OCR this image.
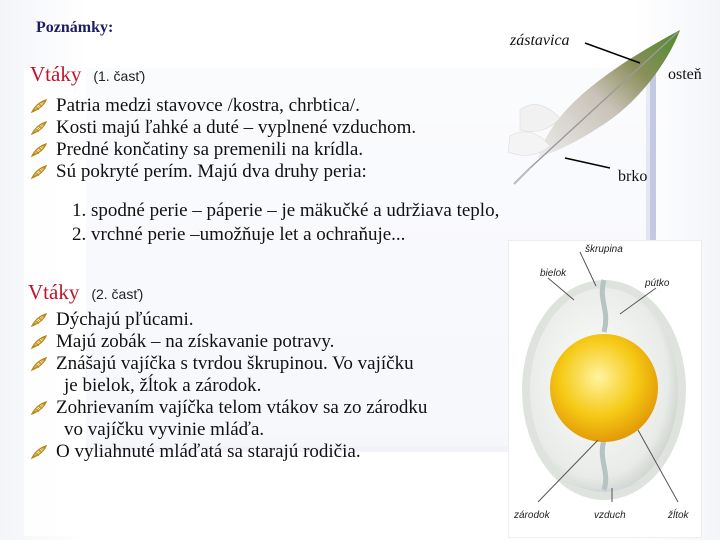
Poznámky:
Vtáky (1. časť)
Patria medzi stavovce /kostra, chrbtica/.
Kosti majú ľahké a duté – vyplnené vzduchom.
Predné končatiny sa premenili na krídla.
Sú pokryté perím. Majú dva druhy peria:
1. spodné perie – páperie – je mäkučké a udržiava teplo,
2. vrchné perie –umožňuje let a ochraňuje...
Vtáky (2. časť)
Dýchajú pľúcami.
Majú zobák – na získavanie potravy.
Znášajú vajíčka s tvrdou škrupinou. Vo vajíčku
je bielok, žĺtok a zárodok.
Zohrievaním vajíčka telom vtákov sa zo zárodku
vo vajíčku vyvinie mláďa.
O vyliahnuté mláďatá sa starajú rodičia.
zástavica
osteň
brko
škrupina
bielok
pútko
zárodok	vzduch	žĺtok
